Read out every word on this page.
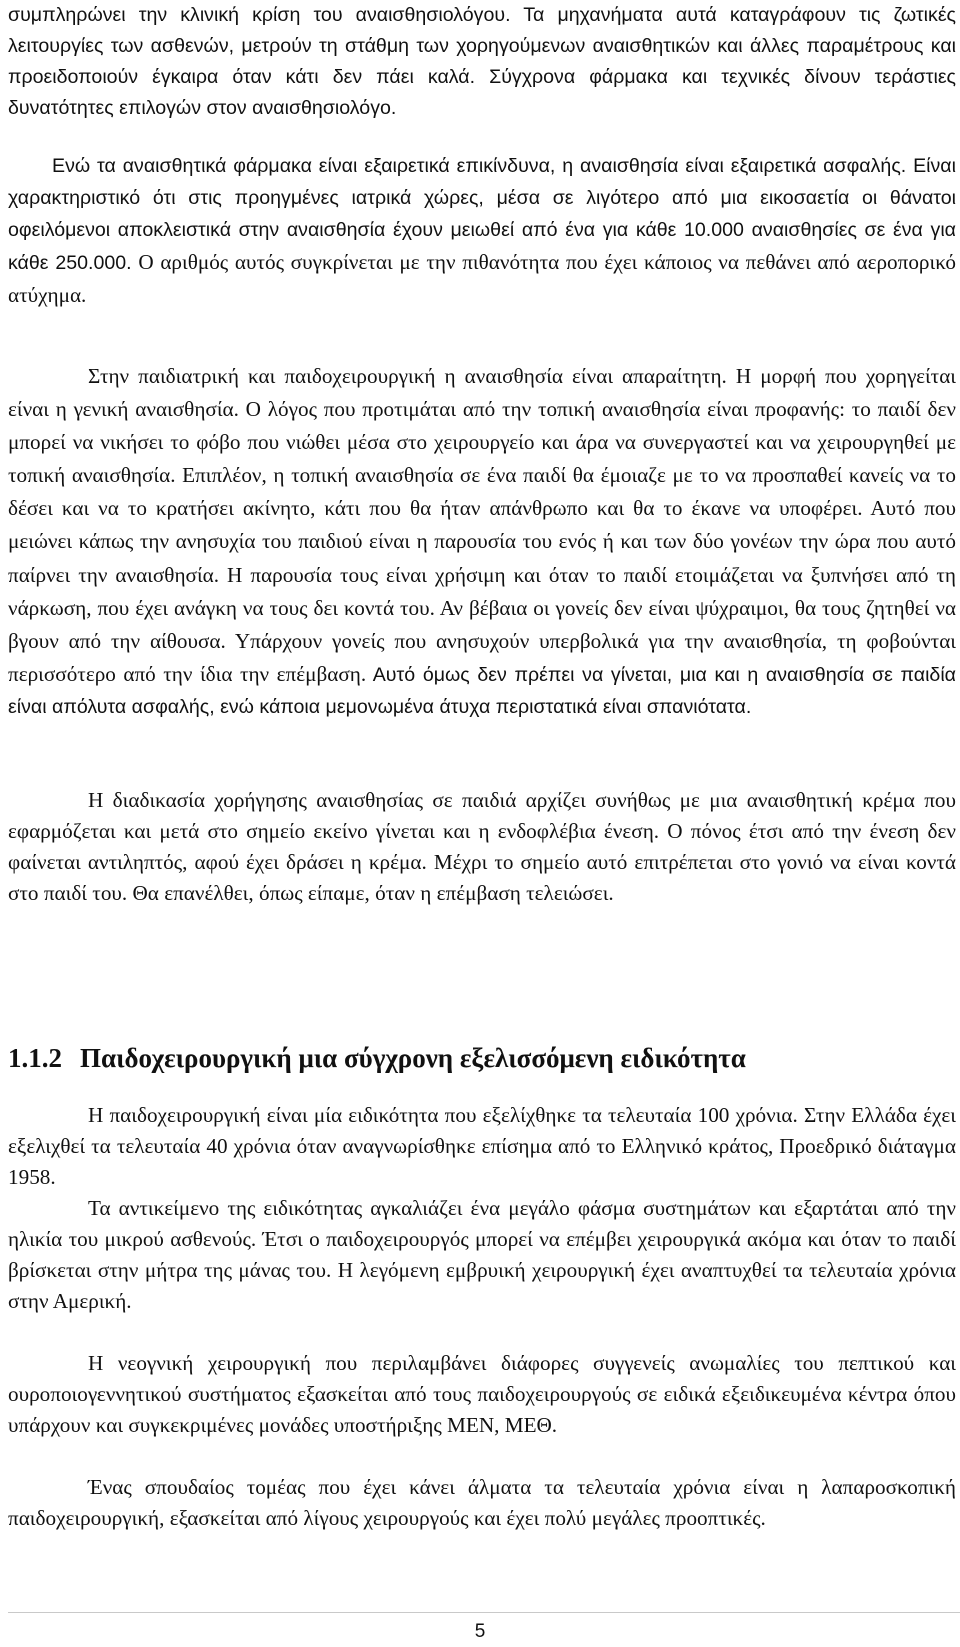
συμπληρώνει την κλινική κρίση του αναισθησιολόγου. Τα μηχανήματα αυτά καταγράφουν τις ζωτικές λειτουργίες των ασθενών, μετρούν τη στάθμη των χορηγούμενων αναισθητικών και άλλες παραμέτρους και προειδοποιούν έγκαιρα όταν κάτι δεν πάει καλά. Σύγχρονα φάρμακα και τεχνικές δίνουν τεράστιες δυνατότητες επιλογών στον αναισθησιολόγο.

Ενώ τα αναισθητικά φάρμακα είναι εξαιρετικά επικίνδυνα, η αναισθησία είναι εξαιρετικά ασφαλής. Είναι χαρακτηριστικό ότι στις προηγμένες ιατρικά χώρες, μέσα σε λιγότερο από μια εικοσαετία οι θάνατοι οφειλόμενοι αποκλειστικά στην αναισθησία έχουν μειωθεί από ένα για κάθε 10.000 αναισθησίες σε ένα για κάθε 250.000. Ο αριθμός αυτός συγκρίνεται με την πιθανότητα που έχει κάποιος να πεθάνει από αεροπορικό ατύχημα.

Στην παιδιατρική και παιδοχειρουργική η αναισθησία είναι απαραίτητη. Η μορφή που χορηγείται είναι η γενική αναισθησία. Ο λόγος που προτιμάται από την τοπική αναισθησία είναι προφανής: το παιδί δεν μπορεί να νικήσει το φόβο που νιώθει μέσα στο χειρουργείο και άρα να συνεργαστεί και να χειρουργηθεί με τοπική αναισθησία. Επιπλέον, η τοπική αναισθησία σε ένα παιδί θα έμοιαζε με το να προσπαθεί κανείς να το δέσει και να το κρατήσει ακίνητο, κάτι που θα ήταν απάνθρωπο και θα το έκανε να υποφέρει. Αυτό που μειώνει κάπως την ανησυχία του παιδιού είναι η παρουσία του ενός ή και των δύο γονέων την ώρα που αυτό παίρνει την αναισθησία. Η παρουσία τους είναι χρήσιμη και όταν το παιδί ετοιμάζεται να ξυπνήσει από τη νάρκωση, που έχει ανάγκη να τους δει κοντά του. Αν βέβαια οι γονείς δεν είναι ψύχραιμοι, θα τους ζητηθεί να βγουν από την αίθουσα. Υπάρχουν γονείς που ανησυχούν υπερβολικά για την αναισθησία, τη φοβούνται περισσότερο από την ίδια την επέμβαση. Αυτό όμως δεν πρέπει να γίνεται, μια και η αναισθησία σε παιδία είναι απόλυτα ασφαλής, ενώ κάποια μεμονωμένα άτυχα περιστατικά είναι σπανιότατα.

Η διαδικασία χορήγησης αναισθησίας σε παιδιά αρχίζει συνήθως με μια αναισθητική κρέμα που εφαρμόζεται και μετά στο σημείο εκείνο γίνεται και η ενδοφλέβια ένεση. Ο πόνος έτσι από την ένεση δεν φαίνεται αντιληπτός, αφού έχει δράσει η κρέμα. Μέχρι το σημείο αυτό επιτρέπεται στο γονιό να είναι κοντά στο παιδί του. Θα επανέλθει, όπως είπαμε, όταν η επέμβαση τελειώσει.

1.1.2 Παιδοχειρουργική μια σύγχρονη εξελισσόμενη ειδικότητα

Η παιδοχειρουργική είναι μία ειδικότητα που εξελίχθηκε τα τελευταία 100 χρόνια. Στην Ελλάδα έχει εξελιχθεί τα τελευταία 40 χρόνια όταν αναγνωρίσθηκε επίσημα από το Ελληνικό κράτος, Προεδρικό διάταγμα 1958.

Τα αντικείμενο της ειδικότητας αγκαλιάζει ένα μεγάλο φάσμα συστημάτων και εξαρτάται από την ηλικία του μικρού ασθενούς. Έτσι ο παιδοχειρουργός μπορεί να επέμβει χειρουργικά ακόμα και όταν το παιδί βρίσκεται στην μήτρα της μάνας του. Η λεγόμενη εμβρυική χειρουργική έχει αναπτυχθεί τα τελευταία χρόνια στην Αμερική.

Η νεογνική χειρουργική που περιλαμβάνει διάφορες συγγενείς ανωμαλίες του πεπτικού και ουροποιογεννητικού συστήματος εξασκείται από τους παιδοχειρουργούς σε ειδικά εξειδικευμένα κέντρα όπου υπάρχουν και συγκεκριμένες μονάδες υποστήριξης ΜΕΝ, ΜΕΘ.

Ένας σπουδαίος τομέας που έχει κάνει άλματα τα τελευταία χρόνια είναι η λαπαροσκοπική παιδοχειρουργική, εξασκείται από λίγους χειρουργούς και έχει πολύ μεγάλες προοπτικές.

5
